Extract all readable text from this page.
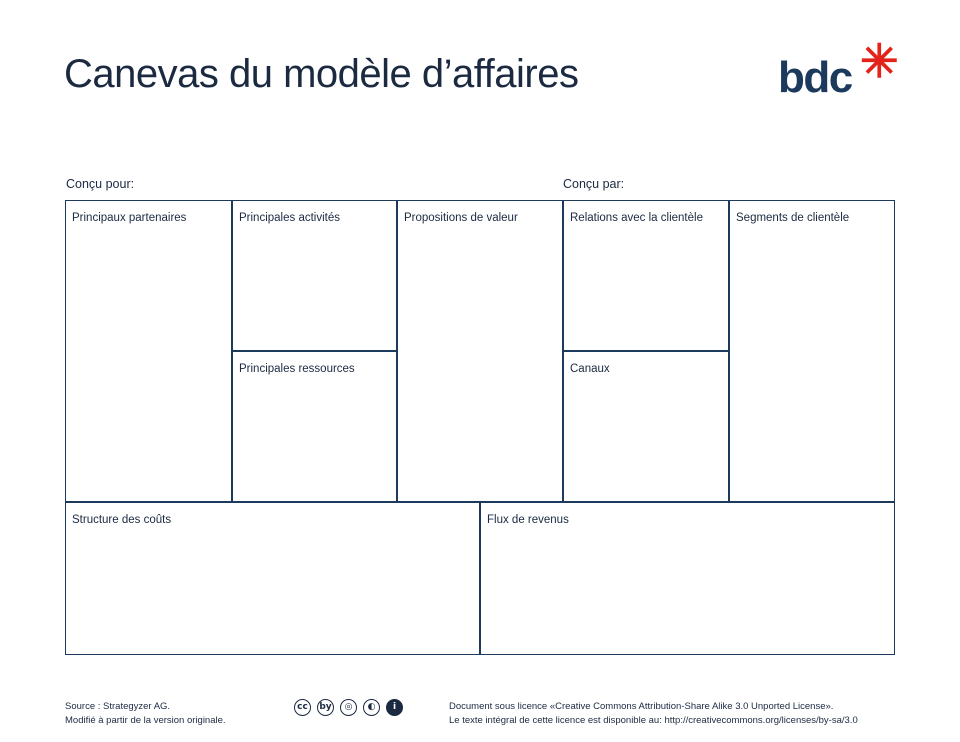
Canevas du modèle d’affaires	bdc ✳
Conçu pour:	Conçu par:
Principaux partenaires	Principales activités
Principales ressources
Propositions de valeur	Relations avec la clientèle
Canaux
Segments de clientèle
Structure des coûts	Flux de revenus
Source : Strategyzer AG.
Modifié à partir de la version originale.
cc	by	◎	◐	i	Document sous licence «Creative Commons Attribution-Share Alike 3.0 Unported License».
Le texte intégral de cette licence est disponible au: http://creativecommons.org/licenses/by-sa/3.0
